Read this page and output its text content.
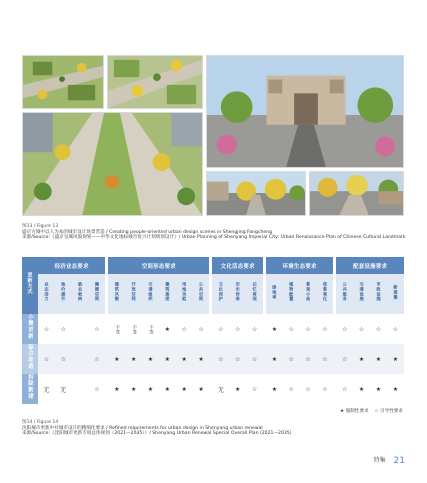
图13 / Figure 13
盛京方城中以人为本的城市设计场景营造 / Creating people-oriented urban design scenes in Shengjing Fangcheng
来源/Source:《盛京皇城风貌规划——中华文化地标城市复兴计划规划设计》/ Urban Planning of Shenyang Imperial City: Urban Renaissance Plan of Chinese Cultural Landmark
更新方式	经济业态要求					空间形态要求							文化活态要求				环境生态要求					配套设施要求			
	业态活力	地价提升	就业吸纳	腾挪空间		建筑风貌	开放空间	交通组织	建筑高度	用地功能	公共空间		文化保护	历史传承	记忆再现		绿地率	植物配置	景观小品	夜景亮化		公共服务	交通设施	市政设施	新基建
小微更新	☆	☆		☆		不变	不变	不变	★	☆	☆		☆	☆	☆		★	☆	☆	☆		☆	☆	☆	☆
综合改造	☆	☆		☆		★	★	★	★	★	★		☆	☆	☆		★	☆	☆	☆		☆	★	★	★
拆除新建	无	无		☆		★	★	★	★	★	★		无	★	☆		★	☆	☆	☆		☆	★	★	★
★ 强制性要求 ☆ 引导性要求
图14 / Figure 14
沈阳城市更新中对城市设计的精细化要求 / Refined requirements for urban design in Shenyang urban renewal
来源/Source:《沈阳城市更新专项总体规划（2021—2035）》/ Shenyang Urban Renewal Special Overall Plan (2021—2035)
特集 21
